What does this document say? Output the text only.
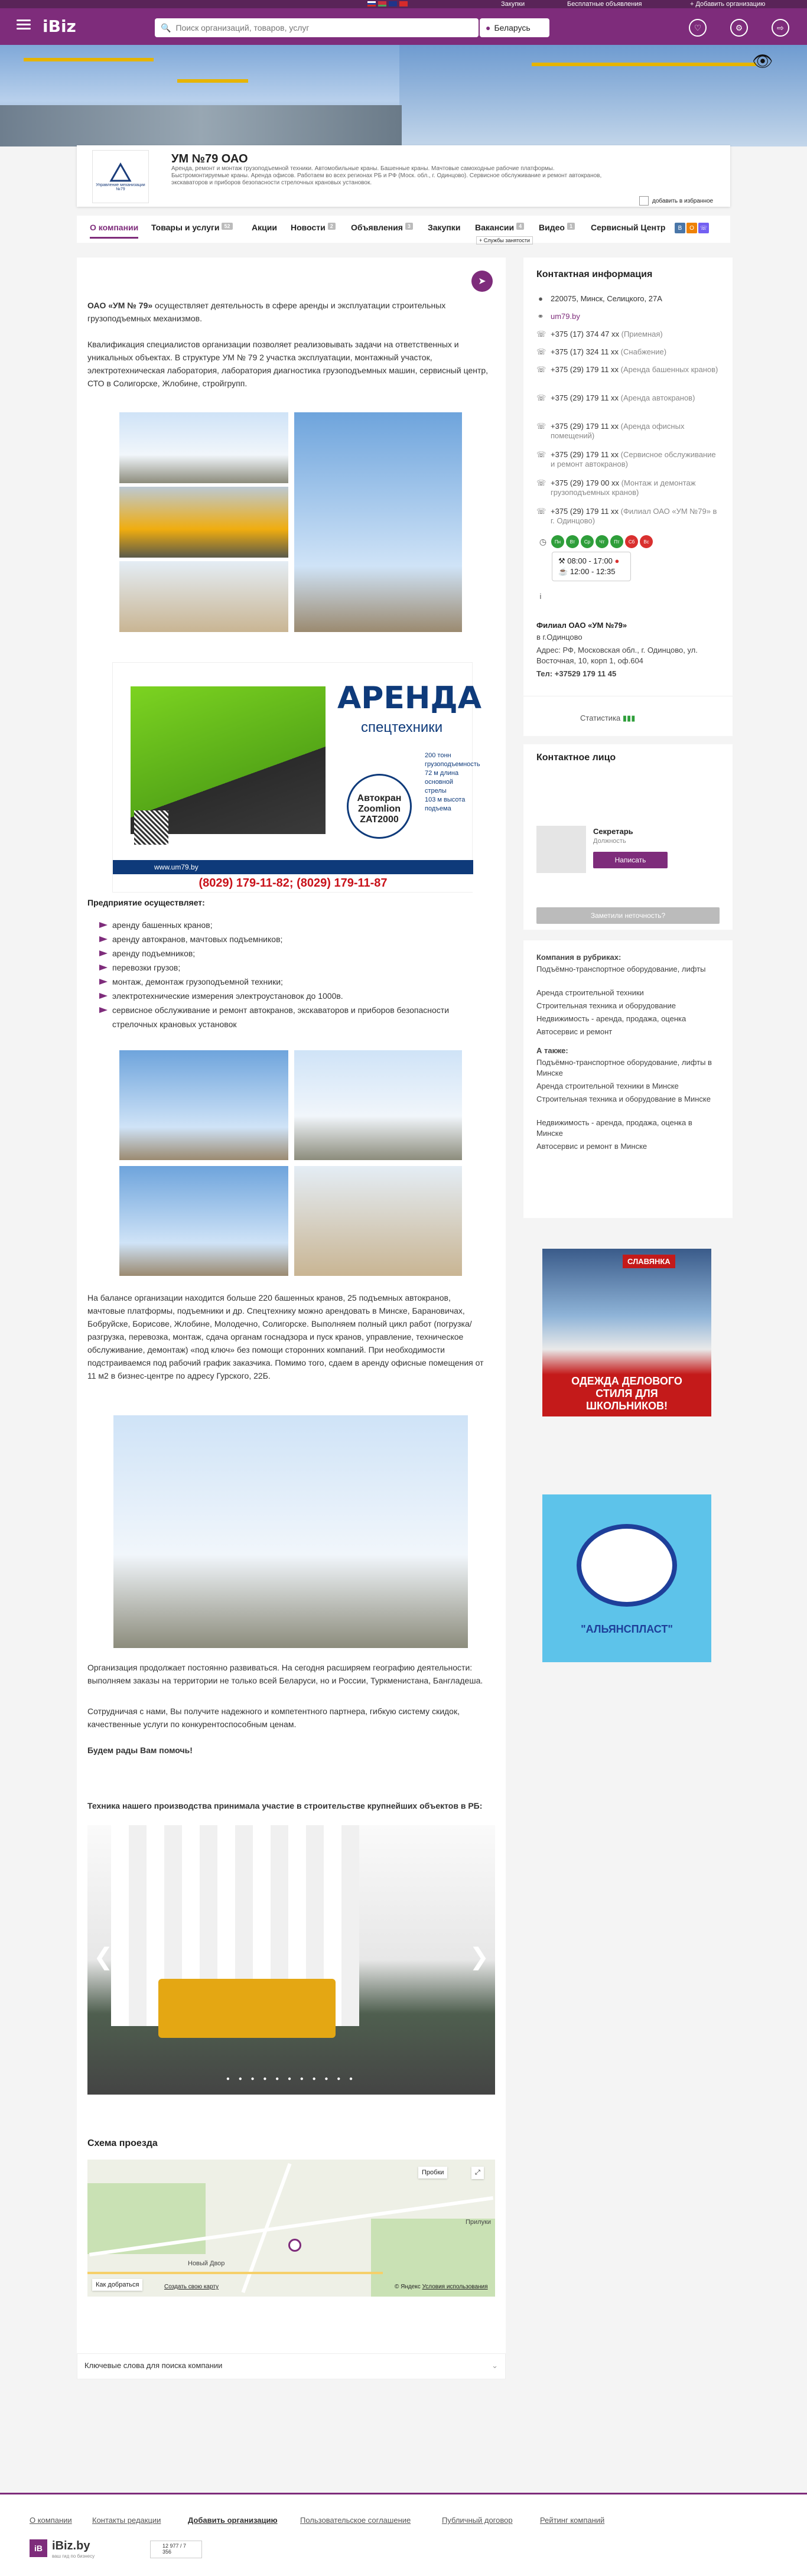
Закупки	Бесплатные объявления	+ Добавить организацию
iBiz	🔍
Поиск организаций, товаров, услуг	● Беларусь	♡	⚙	⇨
👁
Управление механизации №79
УМ №79 ОАО
Аренда, ремонт и монтаж грузоподъемной техники. Автомобильные краны. Башенные краны. Мачтовые самоходные рабочие платформы. Быстромонтируемые краны. Аренда офисов. Работаем во всех регионах РБ и РФ (Моск. обл., г. Одинцово). Сервисное обслуживание и ремонт автокранов, экскаваторов и приборов безопасности стрелочных крановых установок.
добавить в избранное
О компании Товары и услуги 52	Акции Новости 2 Объявления 3 Закупки Вакансии 4 Видео 1 Сервисный Центр
+ Службы занятости
В	О ☏
➤
ОАО «УМ № 79» осуществляет деятельность в сфере аренды и эксплуатации строительных грузоподъемных механизмов.
Квалификация специалистов организации позволяет реализовывать задачи на ответственных и уникальных объектах. В структуре УМ № 79 2 участка эксплуатации, монтажный участок, электротехническая лаборатория, лаборатория диагностика грузоподъемных машин, сервисный центр, СТО в Солигорске, Жлобине, стройгрупп.
АРЕНДА
спецтехники
Автокран
Zoomlion
ZAT2000
200 тонн грузоподъемность
72 м длина основной стрелы
103 м высота подъема
www.um79.by
(8029) 179-11-82; (8029) 179-11-87
Предприятие осуществляет:
аренду башенных кранов;
аренду автокранов, мачтовых подъемников;
аренду подъемников;
перевозки грузов;
монтаж, демонтаж грузоподъемной техники;
электротехнические измерения электроустановок до 1000в.
сервисное обслуживание и ремонт автокранов, экскаваторов и приборов безопасности стрелочных крановых установок
На балансе организации находится больше 220 башенных кранов, 25 подъемных автокранов, мачтовые платформы, подъемники и др. Спецтехнику можно арендовать в Минске, Барановичах, Бобруйске, Борисове, Жлобине, Молодечно, Солигорске. Выполняем полный цикл работ (погрузка/разгрузка, перевозка, монтаж, сдача органам госнадзора и пуск кранов, управление, техническое обслуживание, демонтаж) «под ключ» без помощи сторонних компаний. При необходимости подстраиваемся под рабочий график заказчика. Помимо того, сдаем в аренду офисные помещения от 11 м2 в бизнес-центре по адресу Гурского, 22Б.
Организация продолжает постоянно развиваться. На сегодня расширяем географию деятельности: выполняем заказы на территории не только всей Беларуси, но и России, Туркменистана, Бангладеша.
Сотрудничая с нами, Вы получите надежного и компетентного партнера, гибкую систему скидок, качественные услуги по конкурентоспособным ценам.
Будем рады Вам помочь!
Техника нашего производства принимала участие в строительстве крупнейших объектов в РБ:
❮	❯
● ● ● ● ● ● ● ● ● ● ●
Схема проезда
Пробки	⤢
Новый Двор
Прилуки
Как добраться	Создать свою карту	© Яндекс Условия использования
Ключевые слова для поиска компании	⌄
Контактная информация
● 220075, Минск, Селицкого, 27А
⚭ um79.by
☏ +375 (17) 374 47 xx (Приемная)
☏ +375 (17) 324 11 xx (Снабжение)
☏ +375 (29) 179 11 xx (Аренда башенных кранов)
☏ +375 (29) 179 11 xx (Аренда автокранов)
☏ +375 (29) 179 11 xx (Аренда офисных помещений)
☏ +375 (29) 179 11 xx (Сервисное обслуживание и ремонт автокранов)
☏ +375 (29) 179 00 xx (Монтаж и демонтаж грузоподъемных кранов)
☏ +375 (29) 179 11 xx (Филиал ОАО «УМ №79» в г. Одинцово)
◷	Пн	Вт	Ср	Чт	Пт	Сб	Вс
⚒ 08:00 - 17:00 ●
☕ 12:00 - 12:35
i
Филиал ОАО «УМ №79»
в г.Одинцово
Адрес: РФ, Московская обл., г. Одинцово, ул. Восточная, 10, корп 1, оф.604
Тел: +37529 179 11 45
Статистика ▮▮▮
Контактное лицо
Секретарь
Должность
Написать
Заметили неточность?
Компания в рубриках:
Подъёмно-транспортное оборудование, лифты
Аренда строительной техники
Строительная техника и оборудование
Недвижимость - аренда, продажа, оценка
Автосервис и ремонт
А также:
Подъёмно-транспортное оборудование, лифты в Минске
Аренда строительной техники в Минске
Строительная техника и оборудование в Минске
Недвижимость - аренда, продажа, оценка в Минске
Автосервис и ремонт в Минске
СЛАВЯНКА
ОДЕЖДА ДЕЛОВОГО СТИЛЯ ДЛЯ ШКОЛЬНИКОВ!
"АЛЬЯНСПЛАСТ"
О компании	Контакты редакции	Добавить организацию	Пользовательское соглашение	Публичный договор	Рейтинг компаний
iB iBiz.by
ваш гид по бизнесу
12 977 / 7 356
